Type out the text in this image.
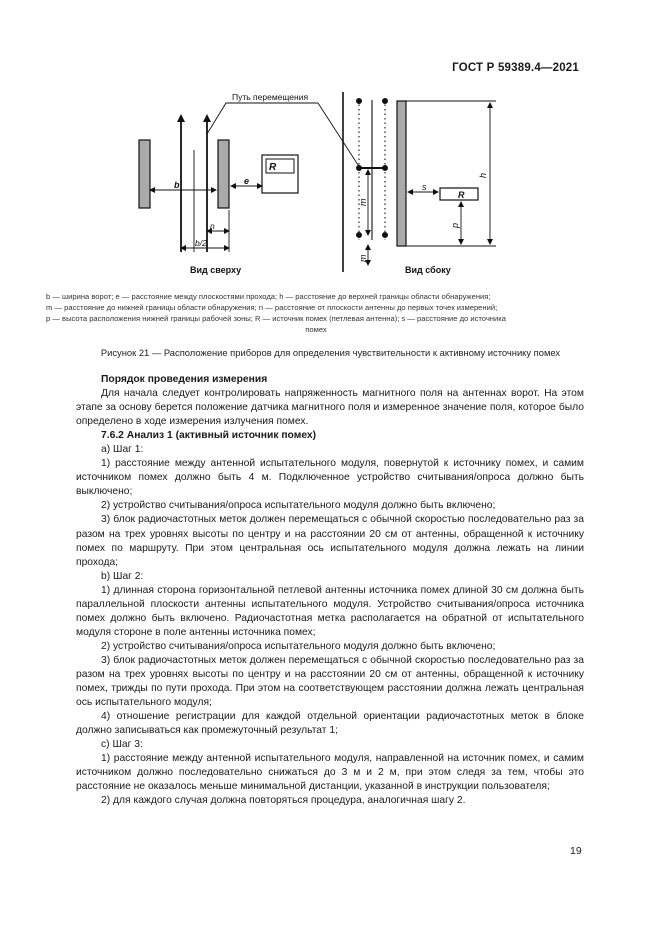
ГОСТ Р 59389.4—2021
Путь перемещения
b	e
n
b/2
R
Вид сверху
R
h
m
m
s
p
Вид сбоку
b — ширина ворот; e — расстояние между плоскостями прохода; h — расстояние до верхней границы области обнаружения;
m — расстояние до нижней границы области обнаружения; n — расстояние от плоскости антенны до первых точек измерений;
p — высота расположения нижней границы рабочей зоны; R — источник помех (петлевая антенна); s — расстояние до источника
помех
Рисунок 21 — Расположение приборов для определения чувствительности к активному источнику помех

Порядок проведения измерения

Для начала следует контролировать напряженность магнитного поля на антеннах ворот. На этом этапе за основу берется положение датчика магнитного поля и измеренное значение поля, которое было определено в ходе измерения излучения помех.

7.6.2 Анализ 1 (активный источник помех)

a) Шаг 1:

1) расстояние между антенной испытательного модуля, повернутой к источнику помех, и самим источником помех должно быть 4 м. Подключенное устройство считывания/опроса должно быть выключено;

2) устройство считывания/опроса испытательного модуля должно быть включено;

3) блок радиочастотных меток должен перемещаться с обычной скоростью последовательно раз за разом на трех уровнях высоты по центру и на расстоянии 20 см от антенны, обращенной к источнику помех по маршруту. При этом центральная ось испытательного модуля должна лежать на линии прохода;

b) Шаг 2:

1) длинная сторона горизонтальной петлевой антенны источника помех длиной 30 см должна быть параллельной плоскости антенны испытательного модуля. Устройство считывания/опроса источника помех должно быть включено. Радиочастотная метка располагается на обратной от испытательного модуля стороне в поле антенны источника помех;

2) устройство считывания/опроса испытательного модуля должно быть включено;

3) блок радиочастотных меток должен перемещаться с обычной скоростью последовательно раз за разом на трех уровнях высоты по центру и на расстоянии 20 см от антенны, обращенной к источнику помех, трижды по пути прохода. При этом на соответствующем расстоянии должна лежать центральная ось испытательного модуля;

4) отношение регистрации для каждой отдельной ориентации радиочастотных меток в блоке должно записываться как промежуточный результат 1;

c) Шаг 3:

1) расстояние между антенной испытательного модуля, направленной на источник помех, и самим источником должно последовательно снижаться до 3 м и 2 м, при этом следя за тем, чтобы это расстояние не оказалось меньше минимальной дистанции, указанной в инструкции пользователя;

2) для каждого случая должна повторяться процедура, аналогичная шагу 2.

19
